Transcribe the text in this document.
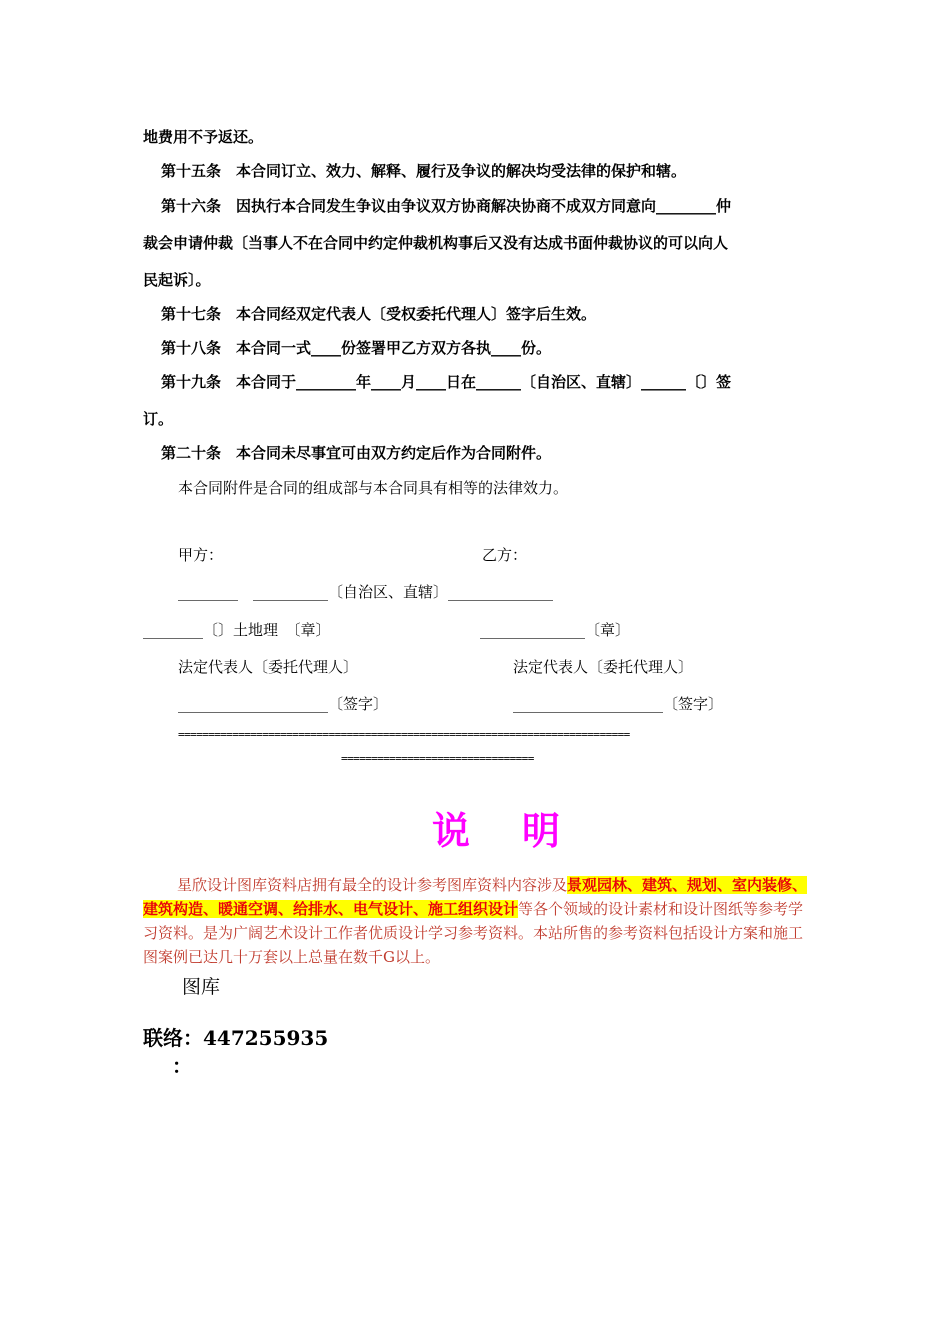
地费用不予返还。
第十五条　本合同订立、效力、解释、履行及争议的解决均受法律的保护和辖。
第十六条　因执行本合同发生争议由争议双方协商解决协商不成双方同意向________仲
裁会申请仲裁〔当事人不在合同中约定仲裁机构事后又没有达成书面仲裁协议的可以向人
民起诉〕。
第十七条　本合同经双定代表人〔受权委托代理人〕签字后生效。
第十八条　本合同一式____份签署甲乙方双方各执____份。
第十九条　本合同于________年____月____日在______〔自治区、直辖〕______〔〕签
订。
第二十条　本合同未尽事宜可由双方约定后作为合同附件。
本合同附件是合同的组成部与本合同具有相等的法律效力。
甲方：	乙方：
________　__________〔自治区、直辖〕______________
________〔〕土地理　〔章〕	______________〔章〕
法定代表人〔委托代理人〕	法定代表人〔委托代理人〕
____________________〔签字〕	____________________〔签字〕
===========================================================================
================================
说明
星欣设计图库资料店拥有最全的设计参考图库资料内容涉及景观园林、建筑、规划、室内装修、建筑构造、暖通空调、给排水、电气设计、施工组织设计等各个领域的设计素材和设计图纸等参考学习资料。是为广阔艺术设计工作者优质设计学习参考资料。本站所售的参考资料包括设计方案和施工图案例已达几十万套以上总量在数千G以上。
图库
联络：447255935
：
